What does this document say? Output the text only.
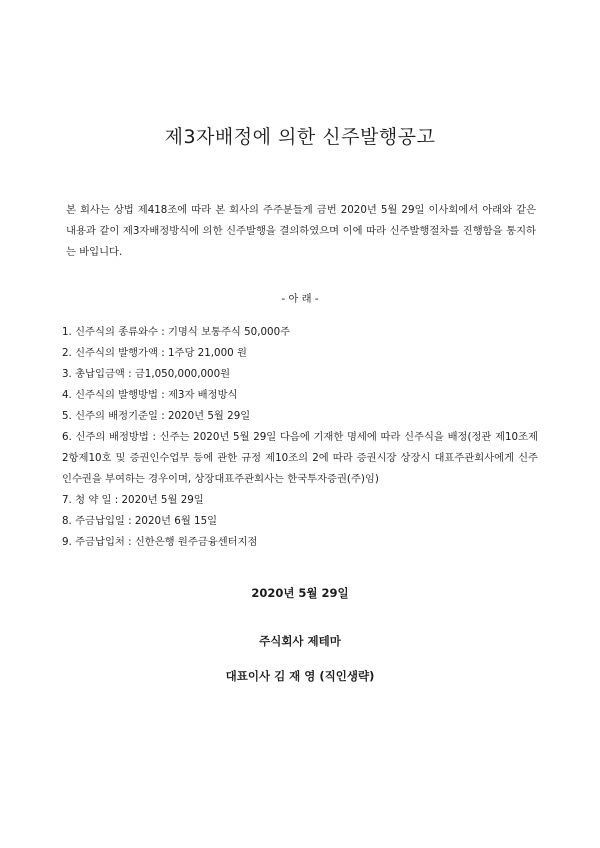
제3자배정에 의한 신주발행공고

본 회사는 상법 제418조에 따라 본 회사의 주주분들게 금번 2020년 5월 29일 이사회에서 아래와 같은 내용과 같이 제3자배정방식에 의한 신주발행을 결의하였으며 이에 따라 신주발행절차를 진행함을 통지하는 바입니다.

- 아 래 -
1. 신주식의 종류와수 : 기명식 보통주식 50,000주
2. 신주식의 발행가액 : 1주당 21,000 원
3. 총납입금액 : 금1,050,000,000원
4. 신주식의 발행방법 : 제3자 배정방식
5. 신주의 배정기준일 : 2020년 5월 29일
6. 신주의 배정방법 : 신주는 2020년 5월 29일 다음에 기재한 명세에 따라 신주식을 배정(정관 제10조제2항제10호 및 증권인수업무 등에 관한 규정 제10조의 2에 따라 증권시장 상장시 대표주관회사에게 신주인수권을 부여하는 경우이며, 상장대표주관회사는 한국투자증권(주)임)
7. 청 약 일 : 2020년 5월 29일
8. 주금납입일 : 2020년 6월 15일
9. 주금납입처 : 신한은행 원주금융센터지점
2020년 5월 29일
주식회사 제테마
대표이사 김 재 영 (직인생략)
